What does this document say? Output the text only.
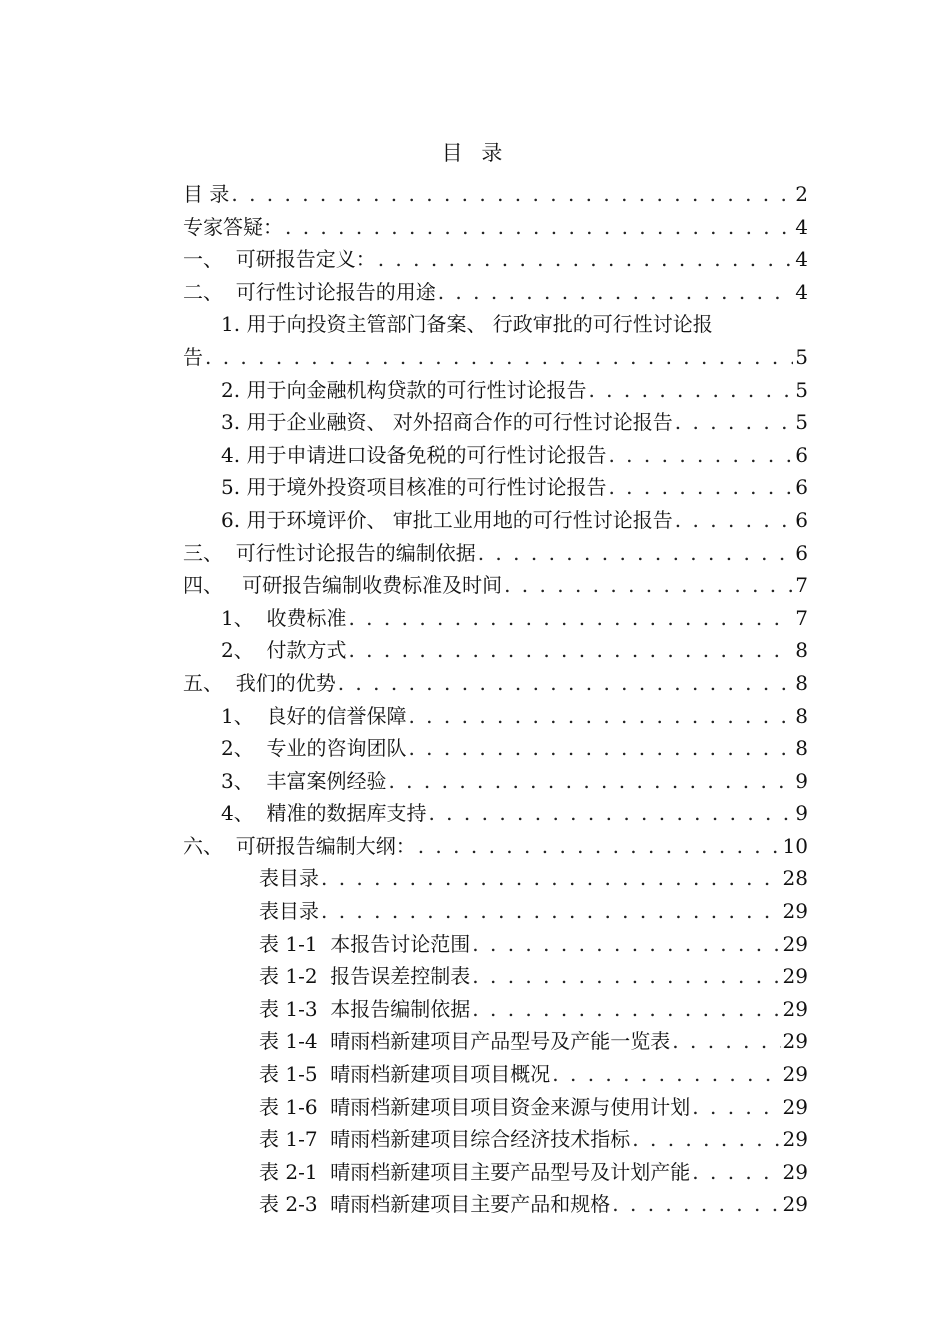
目 录
目 录 . . .	2
专家答疑： . . .	4
一、  可研报告定义： . . .	4
二、  可行性讨论报告的用途 . . .	4
1. 用于向投资主管部门备案、 行政审批的可行性讨论报
告 . . .	5
2. 用于向金融机构贷款的可行性讨论报告 . . .	5
3. 用于企业融资、 对外招商合作的可行性讨论报告 . . .	5
4. 用于申请进口设备免税的可行性讨论报告 . . .	6
5. 用于境外投资项目核准的可行性讨论报告 . . .	6
6. 用于环境评价、 审批工业用地的可行性讨论报告 . . .	6
三、  可行性讨论报告的编制依据 . . .	6
四、   可研报告编制收费标准及时间 . . .	7
1、  收费标准 . . .	7
2、  付款方式 . . .	8
五、  我们的优势 . . .	8
1、  良好的信誉保障 . . .	8
2、  专业的咨询团队 . . .	8
3、  丰富案例经验 . . .	9
4、  精准的数据库支持 . . .	9
六、  可研报告编制大纲： . . .	10
表目录 . . .	28
表目录 . . .	29
表 1-1  本报告讨论范围 . . .	29
表 1-2  报告误差控制表 . . .	29
表 1-3  本报告编制依据 . . .	29
表 1-4  晴雨档新建项目产品型号及产能一览表 . . .	29
表 1-5  晴雨档新建项目项目概况 . . .	29
表 1-6  晴雨档新建项目项目资金来源与使用计划 . . .	29
表 1-7  晴雨档新建项目综合经济技术指标 . . .	29
表 2-1  晴雨档新建项目主要产品型号及计划产能 . . .	29
表 2-3  晴雨档新建项目主要产品和规格 . . .	29
